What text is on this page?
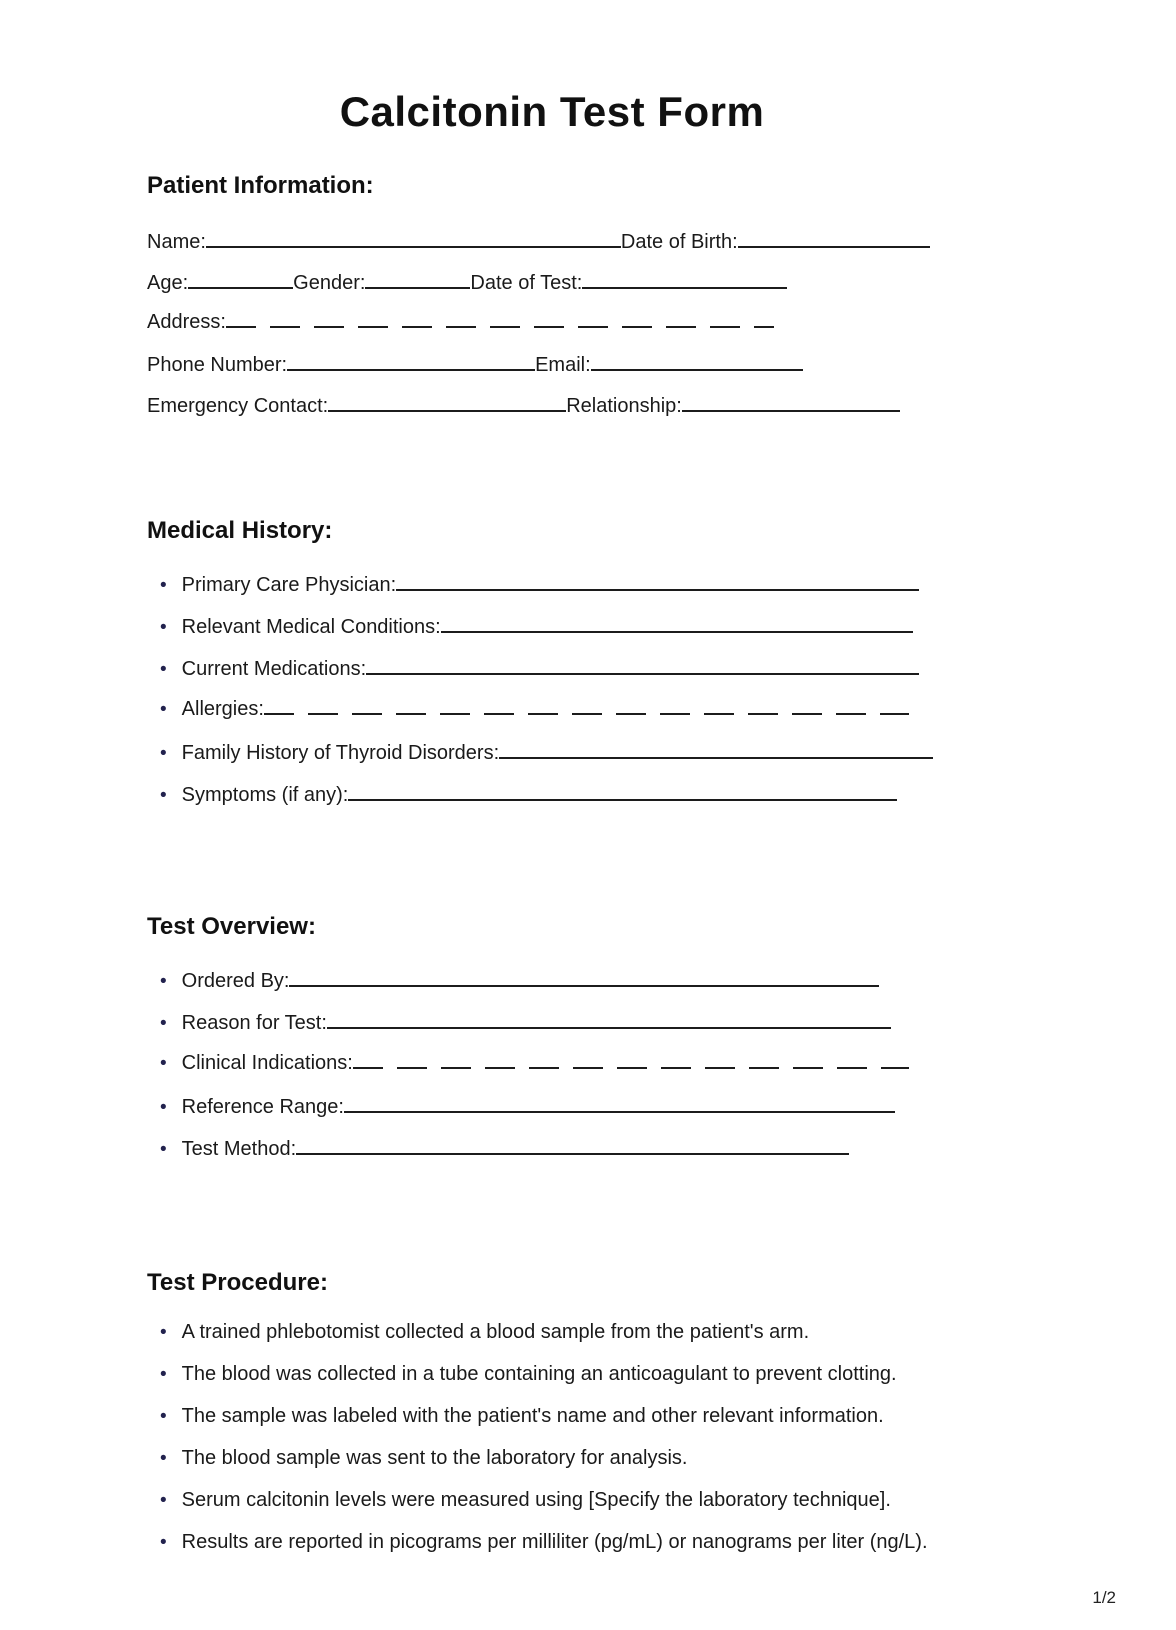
Calcitonin Test Form
Patient Information:
Name:	Date of Birth:
Age:	Gender:	Date of Test:
Address:
Phone Number:	Email:
Emergency Contact:	Relationship:
Medical History:
• Primary Care Physician:
• Relevant Medical Conditions:
• Current Medications:
• Allergies:
• Family History of Thyroid Disorders:
• Symptoms (if any):
Test Overview:
• Ordered By:
• Reason for Test:
• Clinical Indications:
• Reference Range:
• Test Method:
Test Procedure:
• A trained phlebotomist collected a blood sample from the patient's arm.
• The blood was collected in a tube containing an anticoagulant to prevent clotting.
• The sample was labeled with the patient's name and other relevant information.
• The blood sample was sent to the laboratory for analysis.
• Serum calcitonin levels were measured using [Specify the laboratory technique].
• Results are reported in picograms per milliliter (pg/mL) or nanograms per liter (ng/L).
1/2
